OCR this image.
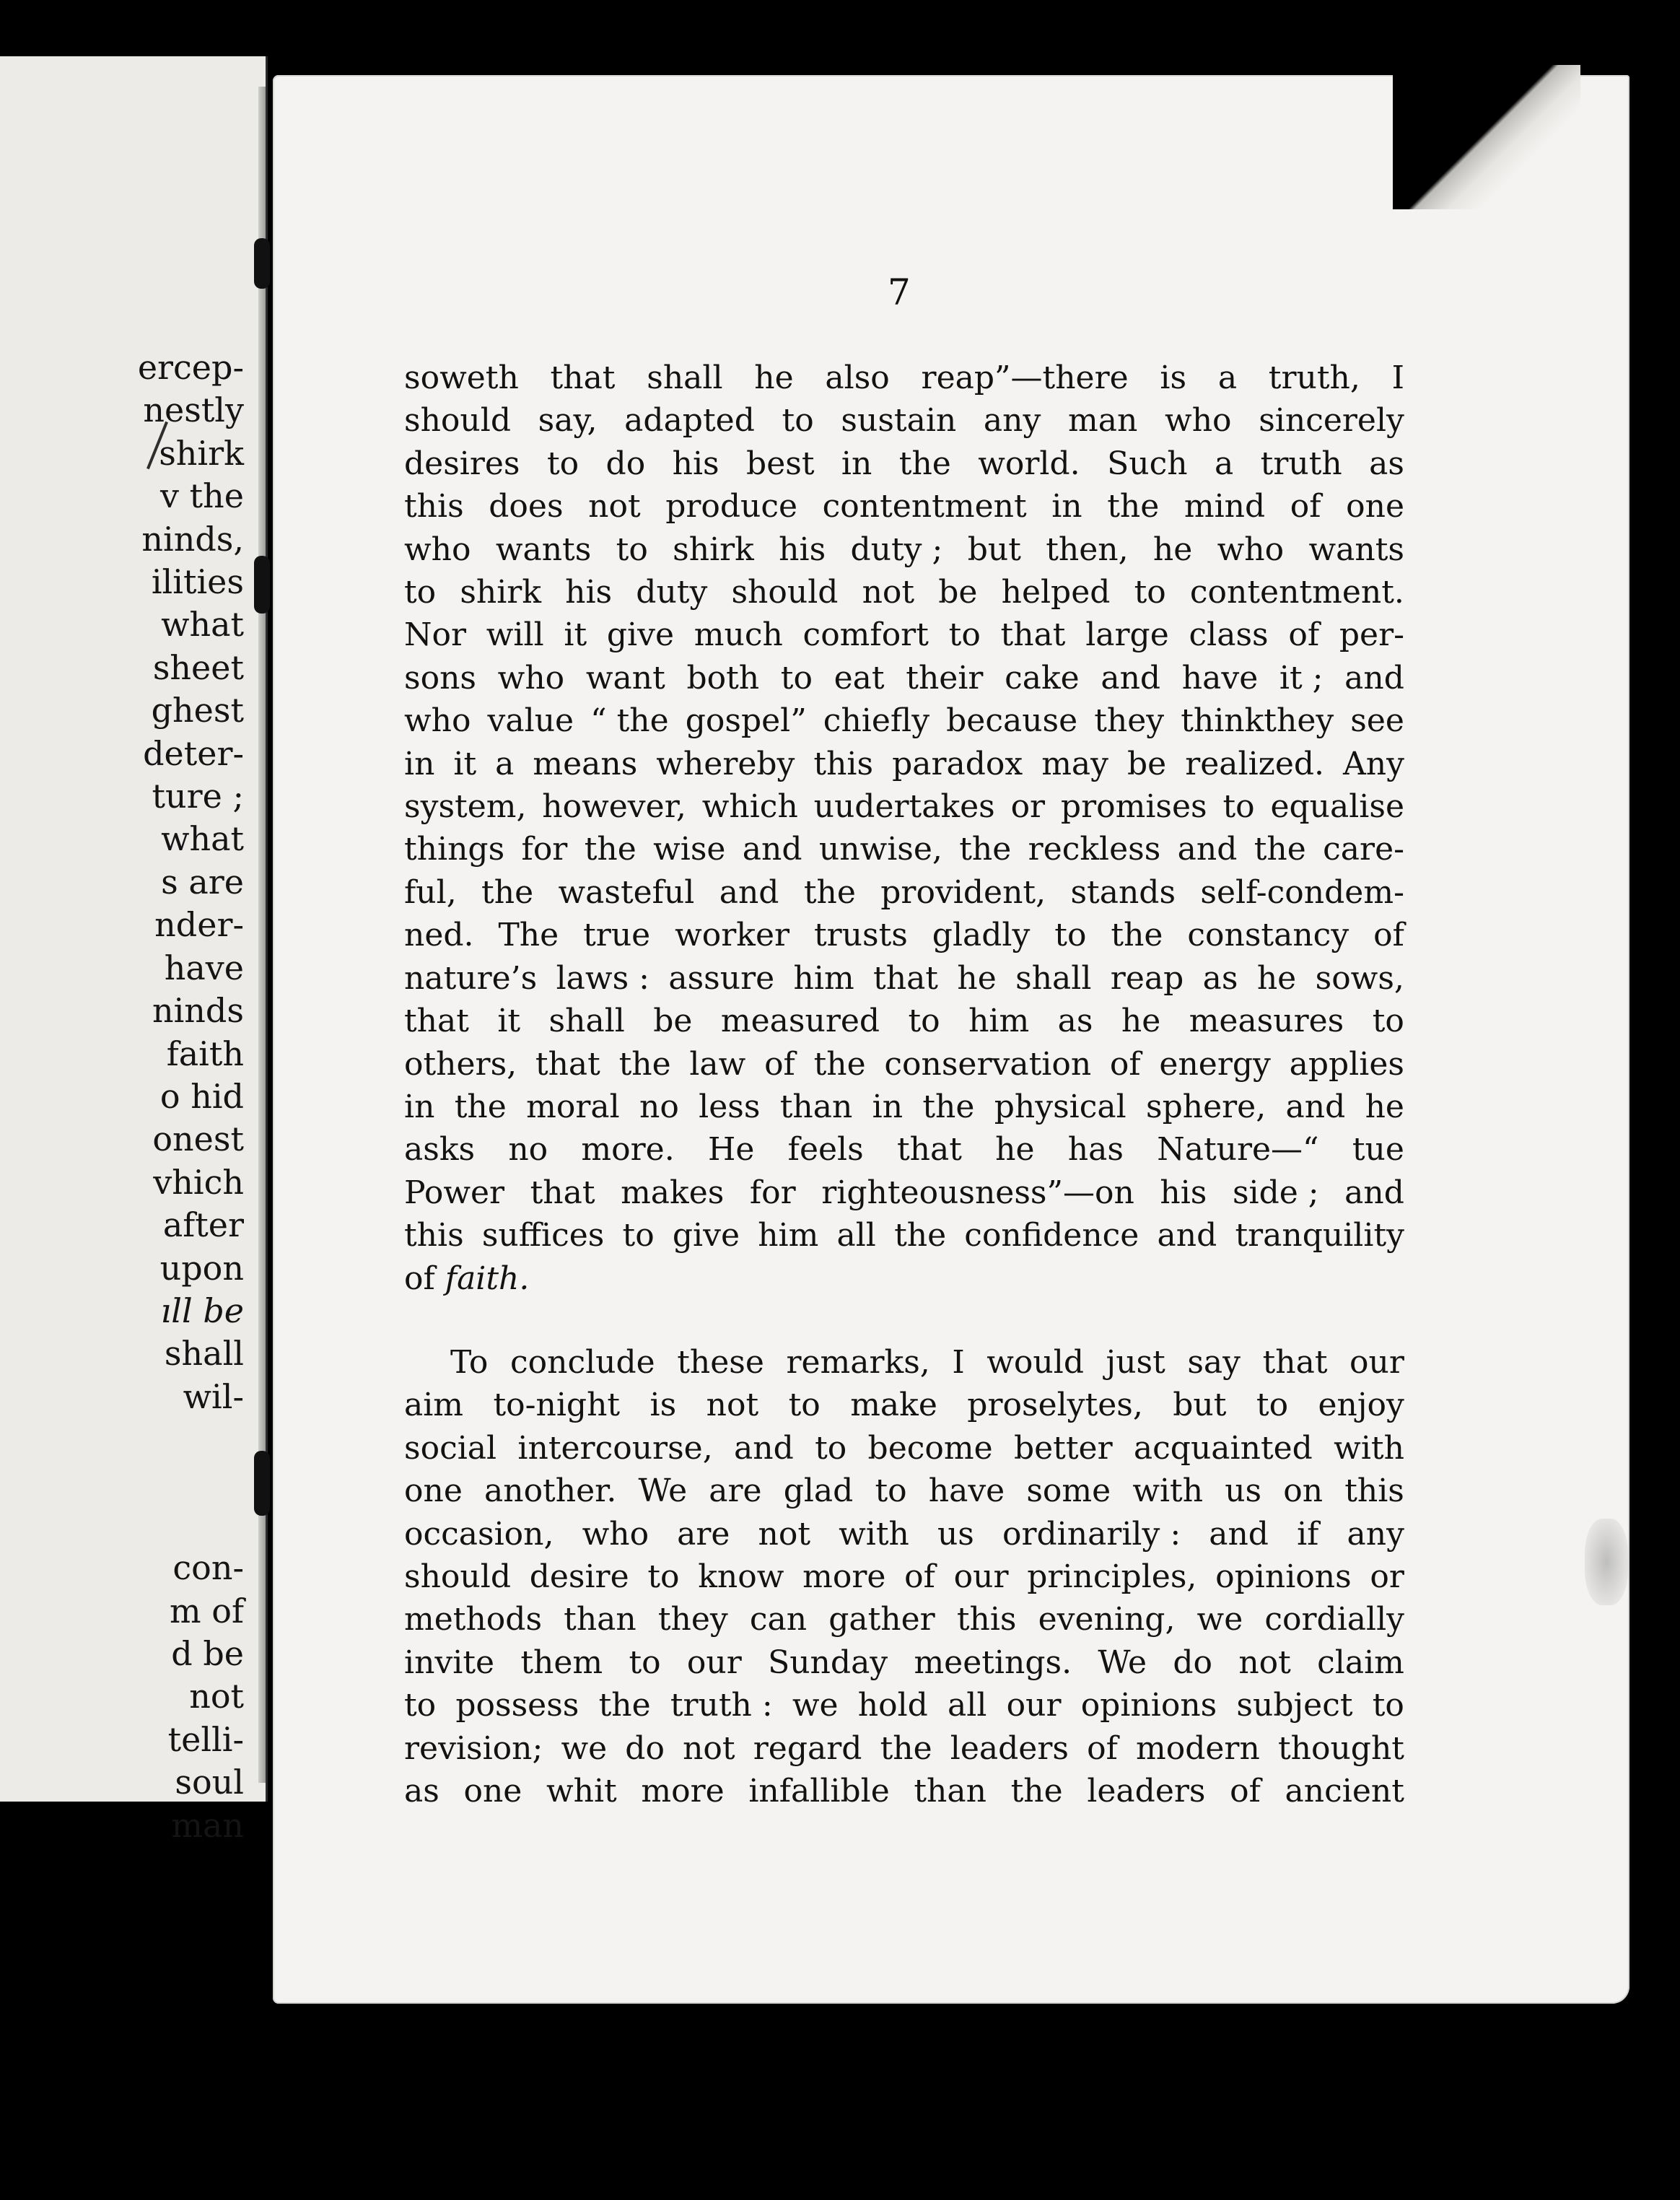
ercep-
nestly
shirk
v the
ninds,
ilities
what
sheet
ghest
deter-
ture ;
what
s are
nder-
have
ninds
faith
o hid
onest
vhich
after
upon
ıll be
shall
wil-
con-
m of
d be
not
telli-
soul
man
7
soweth that shall he also reap”—there is a truth, I
should say, adapted to sustain any man who sincerely
desires to do his best in the world. Such a truth as
this does not produce contentment in the mind of one
who wants to shirk his duty ; but then, he who wants
to shirk his duty should not be helped to contentment.
Nor will it give much comfort to that large class of per-
sons who want both to eat their cake and have it ; and
who value “ the gospel” chiefly because they thinkthey see
in it a means whereby this paradox may be realized. Any
system, however, which uudertakes or promises to equalise
things for the wise and unwise, the reckless and the care-
ful, the wasteful and the provident, stands self-condem-
ned. The true worker trusts gladly to the constancy of
nature’s laws : assure him that he shall reap as he sows,
that it shall be measured to him as he measures to
others, that the law of the conservation of energy applies
in the moral no less than in the physical sphere, and he
asks no more. He feels that he has Nature—“ tue
Power that makes for righteousness”—on his side ; and
this suffices to give him all the confidence and tranquility
of faith.
To conclude these remarks, I would just say that our
aim to-night is not to make proselytes, but to enjoy
social intercourse, and to become better acquainted with
one another. We are glad to have some with us on this
occasion, who are not with us ordinarily : and if any
should desire to know more of our principles, opinions or
methods than they can gather this evening, we cordially
invite them to our Sunday meetings. We do not claim
to possess the truth : we hold all our opinions subject to
revision; we do not regard the leaders of modern thought
as one whit more infallible than the leaders of ancient
